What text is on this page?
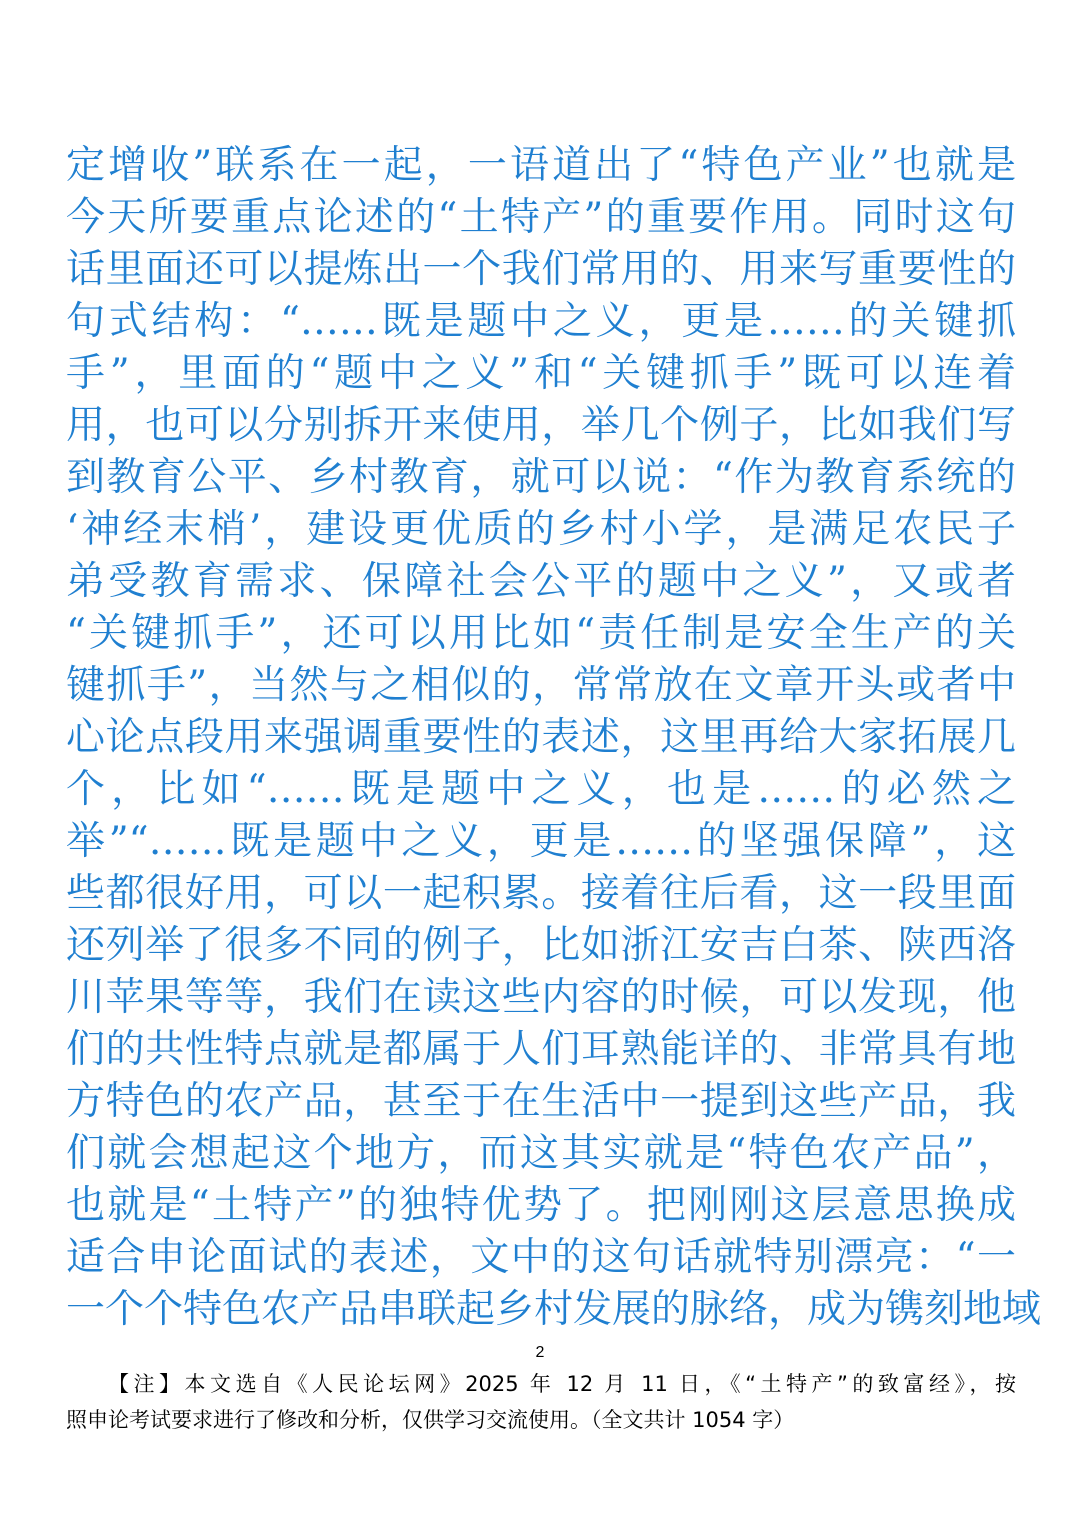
定增收”联系在一起，一语道出了“特色产业”也就是
今天所要重点论述的“土特产”的重要作用。同时这句
话里面还可以提炼出一个我们常用的、用来写重要性的
句式结构：“……既是题中之义，更是……的关键抓
手”，里面的“题中之义”和“关键抓手”既可以连着
用，也可以分别拆开来使用，举几个例子，比如我们写
到教育公平、乡村教育，就可以说：“作为教育系统的
‘神经末梢’，建设更优质的乡村小学，是满足农民子
弟受教育需求、保障社会公平的题中之义”，又或者
“关键抓手”，还可以用比如“责任制是安全生产的关
键抓手”，当然与之相似的，常常放在文章开头或者中
心论点段用来强调重要性的表述，这里再给大家拓展几
个，比如“……既是题中之义，也是……的必然之
举”“……既是题中之义，更是……的坚强保障”，这
些都很好用，可以一起积累。接着往后看，这一段里面
还列举了很多不同的例子，比如浙江安吉白茶、陕西洛
川苹果等等，我们在读这些内容的时候，可以发现，他
们的共性特点就是都属于人们耳熟能详的、非常具有地
方特色的农产品，甚至于在生活中一提到这些产品，我
们就会想起这个地方，而这其实就是“特色农产品”，
也就是“土特产”的独特优势了。把刚刚这层意思换成
适合申论面试的表述，文中的这句话就特别漂亮：“一
一个个特色农产品串联起乡村发展的脉络，成为镌刻地域
2
【注】本文选自《人民论坛网》2025 年 12 月 11 日，《“土特产”的致富经》，按
照申论考试要求进行了修改和分析，仅供学习交流使用。（全文共计 1054 字）
